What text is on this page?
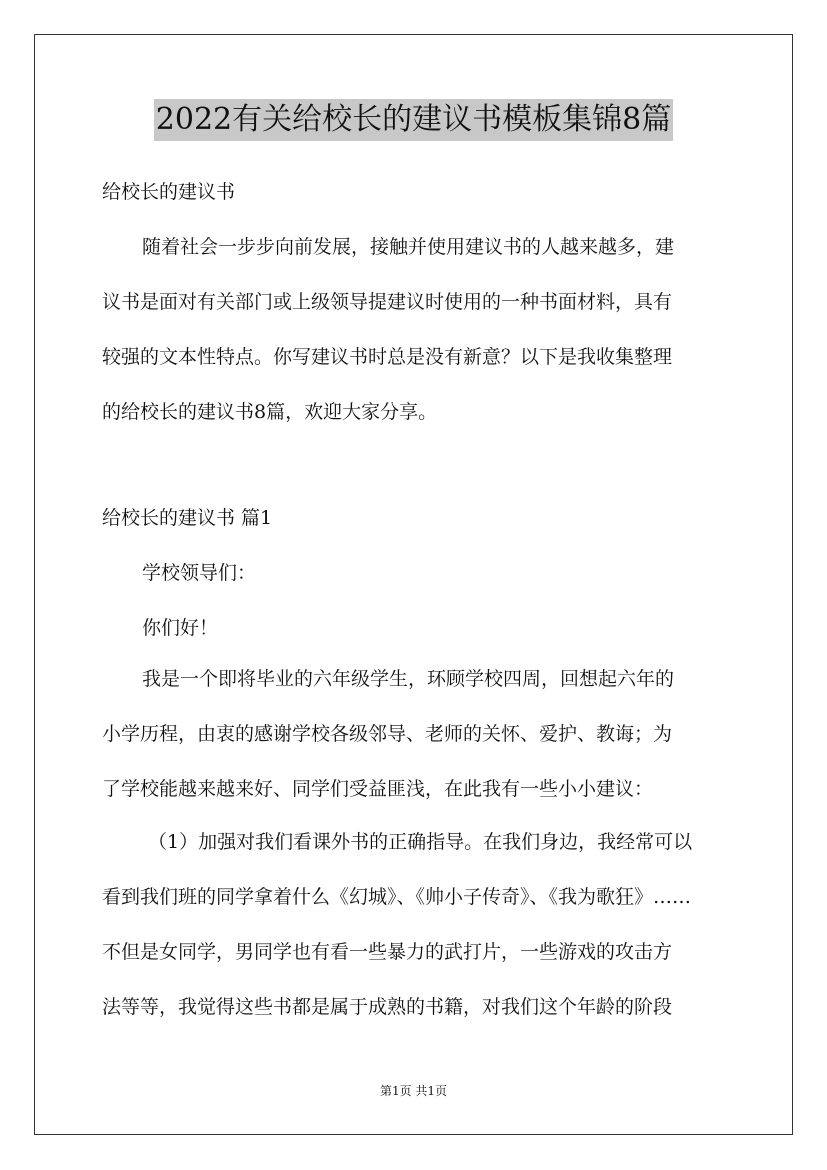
2022有关给校长的建议书模板集锦8篇
给校长的建议书
随着社会一步步向前发展，接触并使用建议书的人越来越多，建
议书是面对有关部门或上级领导提建议时使用的一种书面材料，具有
较强的文本性特点。你写建议书时总是没有新意？以下是我收集整理
的给校长的建议书8篇，欢迎大家分享。
给校长的建议书 篇1
学校领导们：
你们好！
我是一个即将毕业的六年级学生，环顾学校四周，回想起六年的
小学历程，由衷的感谢学校各级邻导、老师的关怀、爱护、教诲；为
了学校能越来越来好、同学们受益匪浅，在此我有一些小小建议：
（1）加强对我们看课外书的正确指导。在我们身边，我经常可以
看到我们班的同学拿着什么《幻城》、《帅小子传奇》、《我为歌狂》……
不但是女同学，男同学也有看一些暴力的武打片，一些游戏的攻击方
法等等，我觉得这些书都是属于成熟的书籍，对我们这个年龄的阶段
第1页 共1页
